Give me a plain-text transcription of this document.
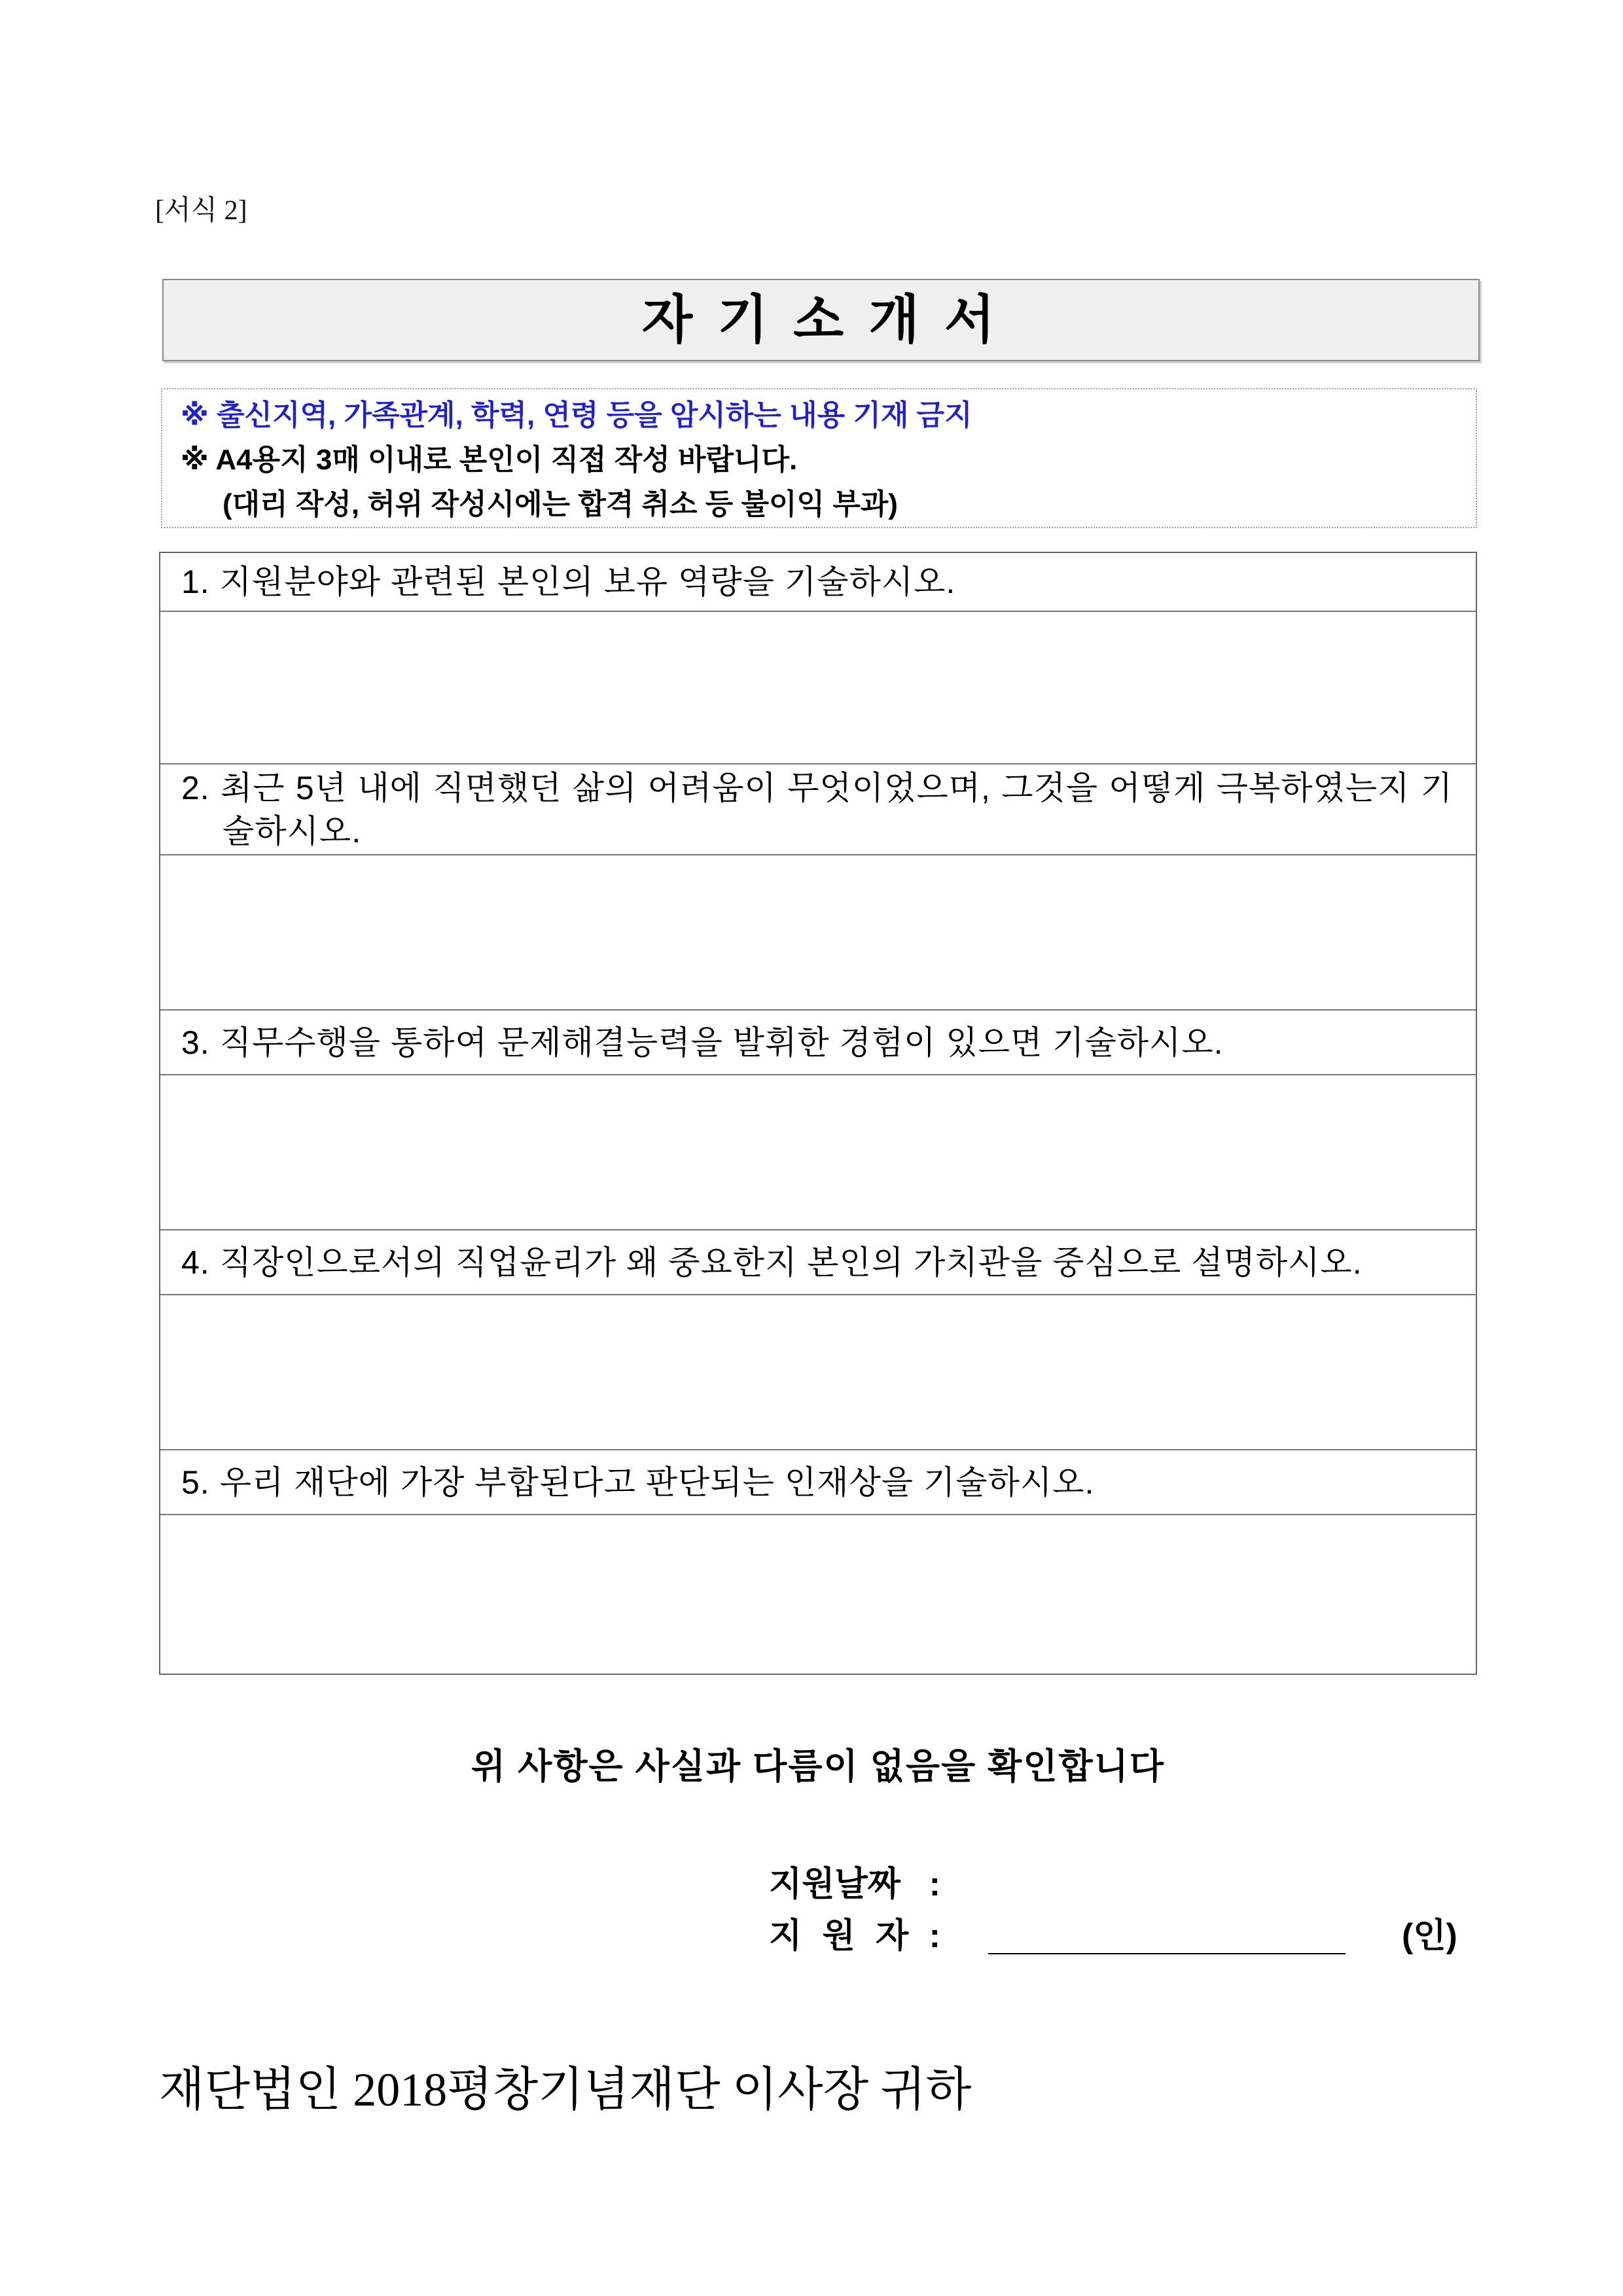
[서식 2]
자 기 소 개 서
※ 출신지역, 가족관계, 학력, 연령 등을 암시하는 내용 기재 금지
※ A4용지 3매 이내로 본인이 직접 작성 바랍니다.
(대리 작성, 허위 작성시에는 합격 취소 등 불이익 부과)
1. 지원분야와 관련된 본인의 보유 역량을 기술하시오.
2. 최근 5년 내에 직면했던 삶의 어려움이 무엇이었으며, 그것을 어떻게 극복하였는지 기술하시오.
3. 직무수행을 통하여 문제해결능력을 발휘한 경험이 있으면 기술하시오.
4. 직장인으로서의 직업윤리가 왜 중요한지 본인의 가치관을 중심으로 설명하시오.
5. 우리 재단에 가장 부합된다고 판단되는 인재상을 기술하시오.
위 사항은 사실과 다름이 없음을 확인합니다
지원날짜 :
지 원 자 :	(인)
재단법인 2018평창기념재단 이사장 귀하
